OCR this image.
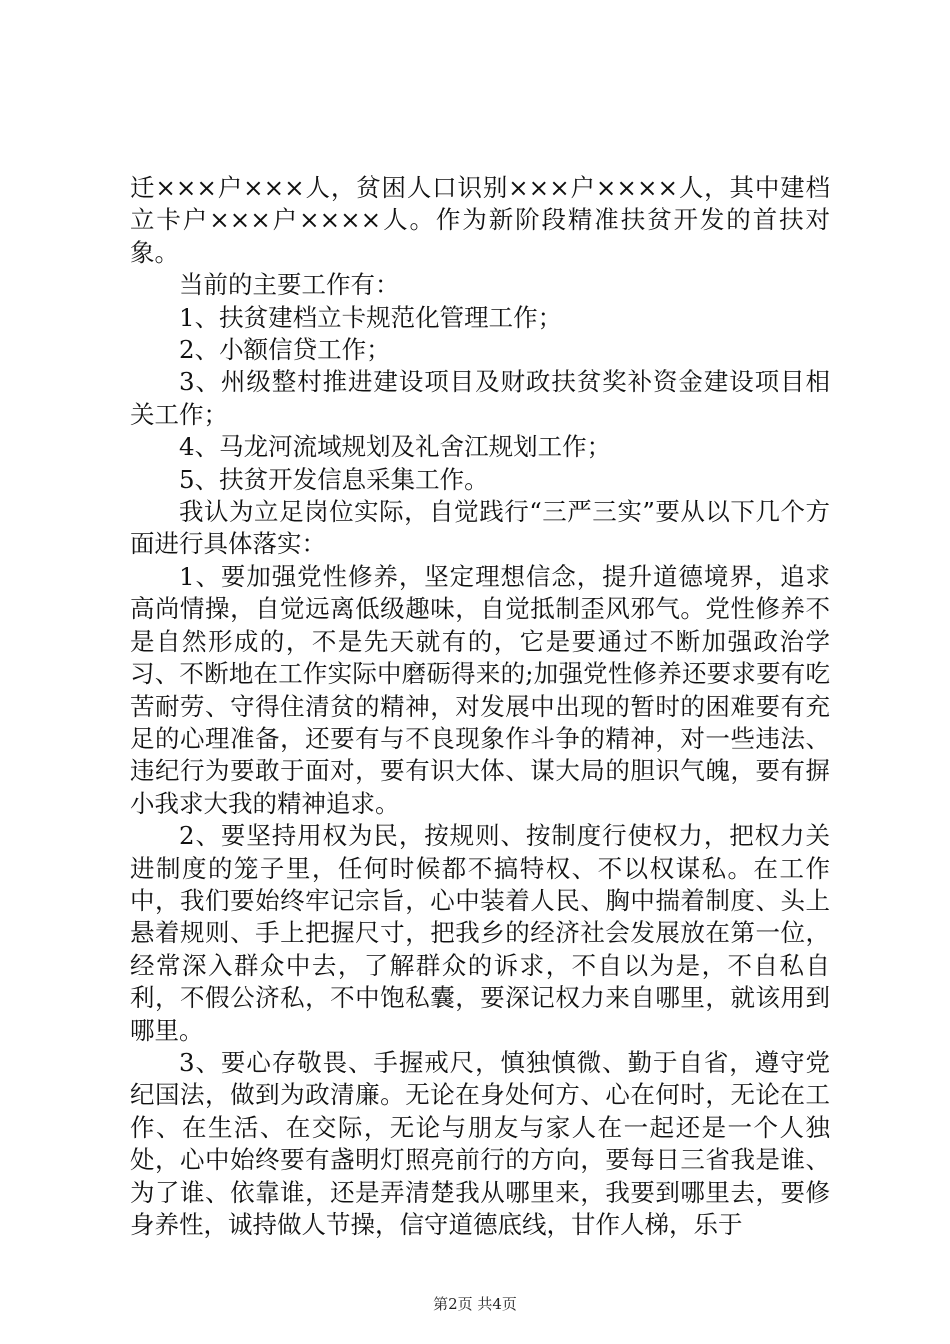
迁×××户×××人，贫困人口识别×××户××××人，其中建档立卡户×××户××××人。作为新阶段精准扶贫开发的首扶对象。

当前的主要工作有：

1、扶贫建档立卡规范化管理工作；

2、小额信贷工作；

3、州级整村推进建设项目及财政扶贫奖补资金建设项目相关工作；

4、马龙河流域规划及礼舍江规划工作；

5、扶贫开发信息采集工作。

我认为立足岗位实际，自觉践行“三严三实”要从以下几个方面进行具体落实：

1、要加强党性修养，坚定理想信念，提升道德境界，追求高尚情操，自觉远离低级趣味，自觉抵制歪风邪气。党性修养不是自然形成的，不是先天就有的，它是要通过不断加强政治学习、不断地在工作实际中磨砺得来的;加强党性修养还要求要有吃苦耐劳、守得住清贫的精神，对发展中出现的暂时的困难要有充足的心理准备，还要有与不良现象作斗争的精神，对一些违法、违纪行为要敢于面对，要有识大体、谋大局的胆识气魄，要有摒小我求大我的精神追求。

2、要坚持用权为民，按规则、按制度行使权力，把权力关进制度的笼子里，任何时候都不搞特权、不以权谋私。在工作中，我们要始终牢记宗旨，心中装着人民、胸中揣着制度、头上悬着规则、手上把握尺寸，把我乡的经济社会发展放在第一位，经常深入群众中去，了解群众的诉求，不自以为是，不自私自利，不假公济私，不中饱私囊，要深记权力来自哪里，就该用到哪里。

3、要心存敬畏、手握戒尺，慎独慎微、勤于自省，遵守党纪国法，做到为政清廉。无论在身处何方、心在何时，无论在工作、在生活、在交际，无论与朋友与家人在一起还是一个人独处，心中始终要有盏明灯照亮前行的方向，要每日三省我是谁、为了谁、依靠谁，还是弄清楚我从哪里来，我要到哪里去，要修身养性，诚持做人节操，信守道德底线，甘作人梯，乐于

第2页 共4页
